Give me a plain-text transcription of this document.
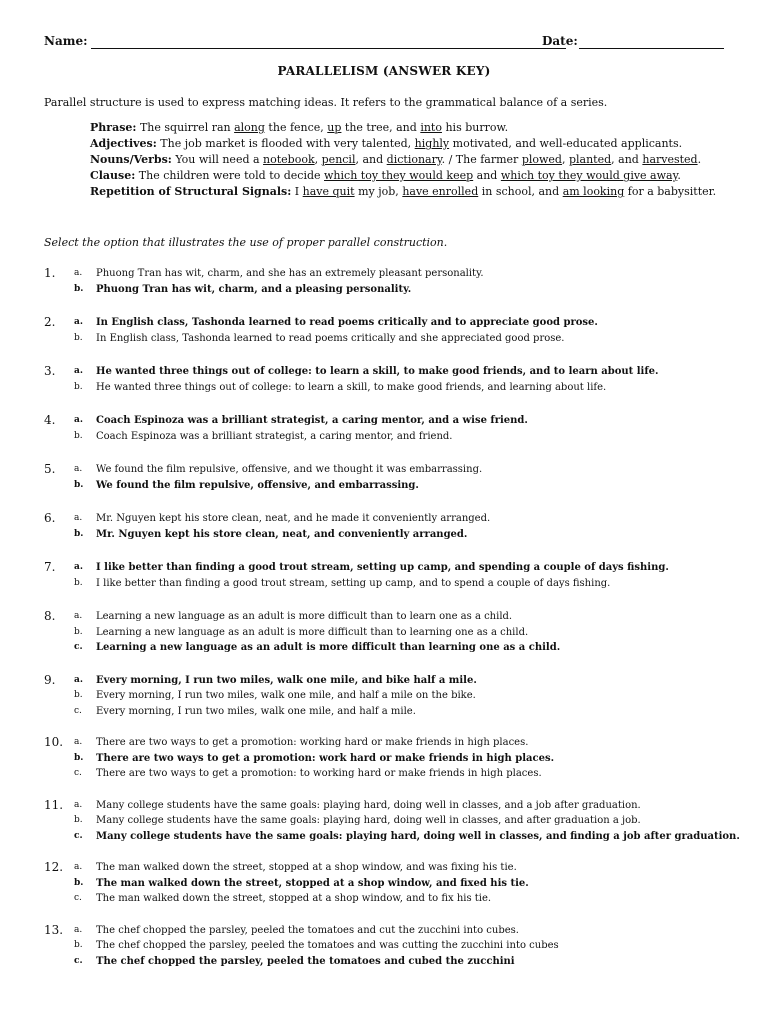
Name:	Date:
PARALLELISM (ANSWER KEY)
Parallel structure is used to express matching ideas. It refers to the grammatical balance of a series.
Phrase: The squirrel ran along the fence, up the tree, and into his burrow.
Adjectives: The job market is flooded with very talented, highly motivated, and well-educated applicants.
Nouns/Verbs: You will need a notebook, pencil, and dictionary. / The farmer plowed, planted, and harvested.
Clause: The children were told to decide which toy they would keep and which toy they would give away.
Repetition of Structural Signals: I have quit my job, have enrolled in school, and am looking for a babysitter.
Select the option that illustrates the use of proper parallel construction.
1. a. Phuong Tran has wit, charm, and she has an extremely pleasant personality.
b. Phuong Tran has wit, charm, and a pleasing personality.
2. a. In English class, Tashonda learned to read poems critically and to appreciate good prose.
b. In English class, Tashonda learned to read poems critically and she appreciated good prose.
3. a. He wanted three things out of college: to learn a skill, to make good friends, and to learn about life.
b. He wanted three things out of college: to learn a skill, to make good friends, and learning about life.
4. a. Coach Espinoza was a brilliant strategist, a caring mentor, and a wise friend.
b. Coach Espinoza was a brilliant strategist, a caring mentor, and friend.
5. a. We found the film repulsive, offensive, and we thought it was embarrassing.
b. We found the film repulsive, offensive, and embarrassing.
6. a. Mr. Nguyen kept his store clean, neat, and he made it conveniently arranged.
b. Mr. Nguyen kept his store clean, neat, and conveniently arranged.
7. a. I like better than finding a good trout stream, setting up camp, and spending a couple of days fishing.
b. I like better than finding a good trout stream, setting up camp, and to spend a couple of days fishing.
8. a. Learning a new language as an adult is more difficult than to learn one as a child.
b. Learning a new language as an adult is more difficult than to learning one as a child.
c. Learning a new language as an adult is more difficult than learning one as a child.
9. a. Every morning, I run two miles, walk one mile, and bike half a mile.
b. Every morning, I run two miles, walk one mile, and half a mile on the bike.
c. Every morning, I run two miles, walk one mile, and half a mile.
10. a. There are two ways to get a promotion: working hard or make friends in high places.
b. There are two ways to get a promotion: work hard or make friends in high places.
c. There are two ways to get a promotion: to working hard or make friends in high places.
11. a. Many college students have the same goals: playing hard, doing well in classes, and a job after graduation.
b. Many college students have the same goals: playing hard, doing well in classes, and after graduation a job.
c. Many college students have the same goals: playing hard, doing well in classes, and finding a job after graduation.
12. a. The man walked down the street, stopped at a shop window, and was fixing his tie.
b. The man walked down the street, stopped at a shop window, and fixed his tie.
c. The man walked down the street, stopped at a shop window, and to fix his tie.
13. a. The chef chopped the parsley, peeled the tomatoes and cut the zucchini into cubes.
b. The chef chopped the parsley, peeled the tomatoes and was cutting the zucchini into cubes
c. The chef chopped the parsley, peeled the tomatoes and cubed the zucchini
